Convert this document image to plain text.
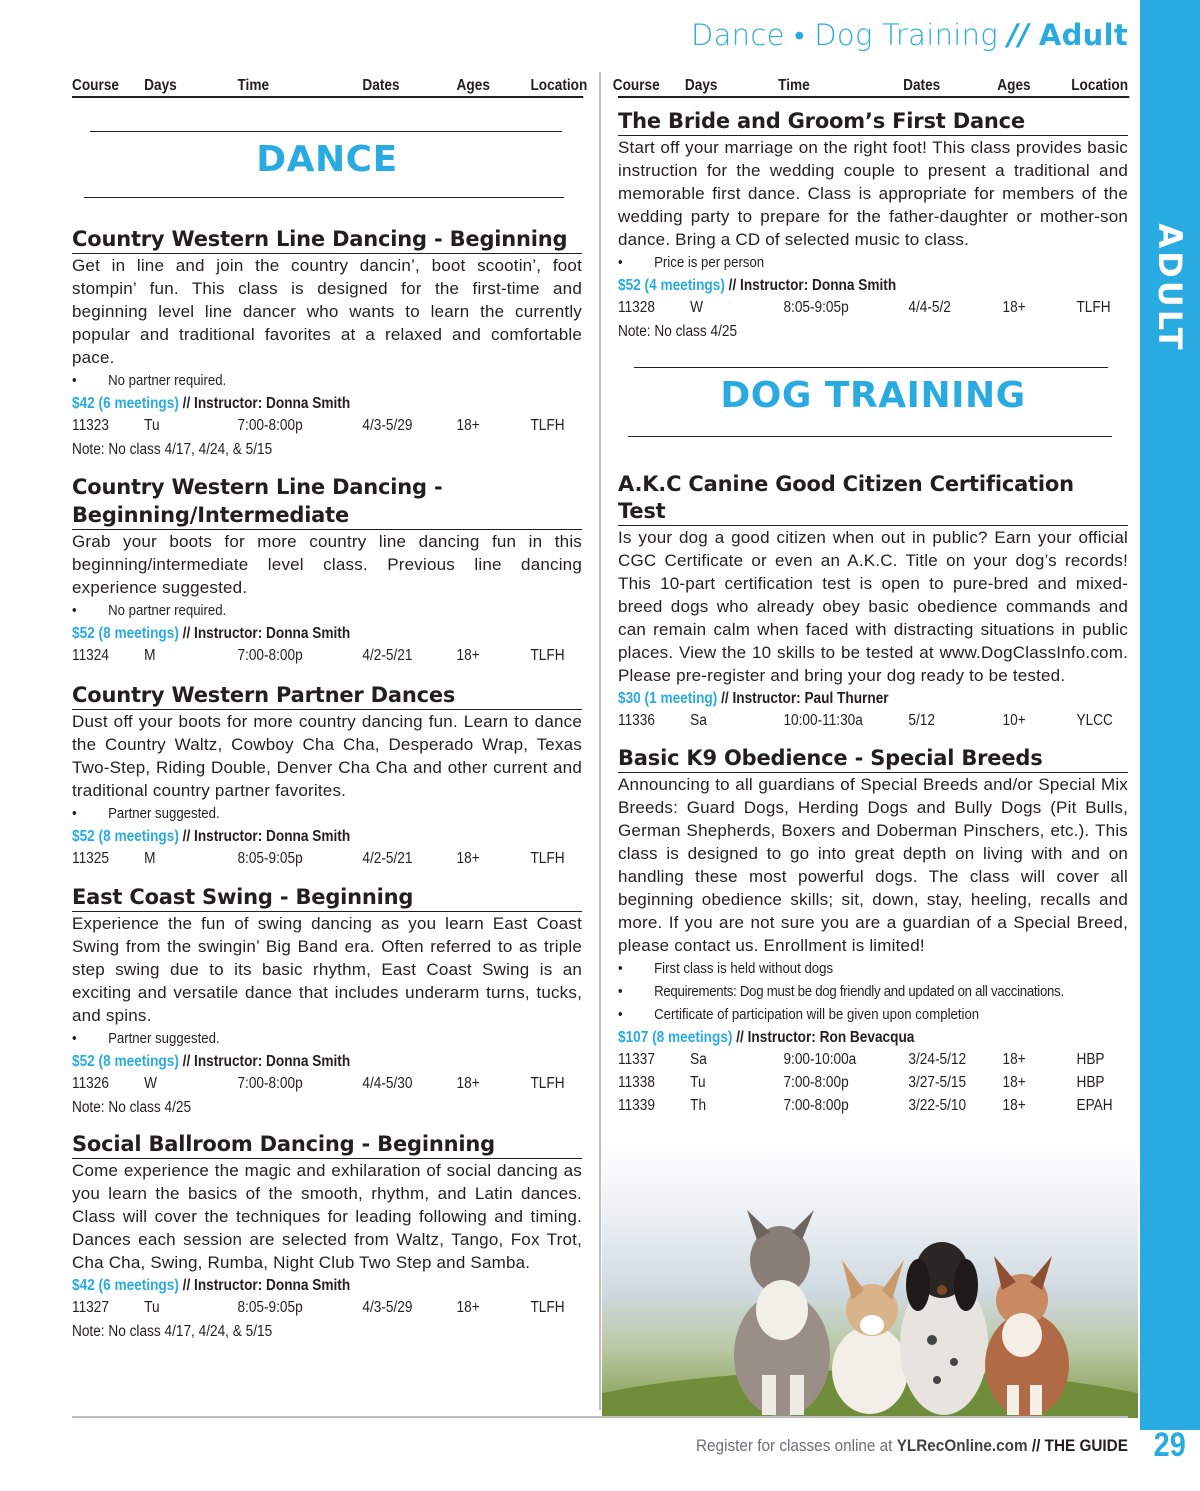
Dance • Dog Training // Adult
ADULT
Course Days	Time	Dates	Ages	Location
DANCE
Country Western Line Dancing - Beginning
Get in line and join the country dancin’, boot scootin’, foot stompin’ fun. This class is designed for the first-time and beginning level line dancer who wants to learn the currently popular and traditional favorites at a relaxed and comfortable pace.
• No partner required.
$42 (6 meetings) // Instructor: Donna Smith
11323 Tu	7:00-8:00p	4/3-5/29	18+	TLFH
Note: No class 4/17, 4/24, & 5/15
Country Western Line Dancing -
Beginning/Intermediate
Grab your boots for more country line dancing fun in this beginning/intermediate level class. Previous line dancing experience suggested.
• No partner required.
$52 (8 meetings) // Instructor: Donna Smith
11324 M	7:00-8:00p	4/2-5/21	18+	TLFH
Country Western Partner Dances
Dust off your boots for more country dancing fun. Learn to dance the Country Waltz, Cowboy Cha Cha, Desperado Wrap, Texas Two-Step, Riding Double, Denver Cha Cha and other current and traditional country partner favorites.
• Partner suggested.
$52 (8 meetings) // Instructor: Donna Smith
11325 M	8:05-9:05p	4/2-5/21	18+	TLFH
East Coast Swing - Beginning
Experience the fun of swing dancing as you learn East Coast Swing from the swingin’ Big Band era. Often referred to as triple step swing due to its basic rhythm, East Coast Swing is an exciting and versatile dance that includes underarm turns, tucks, and spins.
• Partner suggested.
$52 (8 meetings) // Instructor: Donna Smith
11326 W	7:00-8:00p	4/4-5/30	18+	TLFH
Note: No class 4/25
Social Ballroom Dancing - Beginning
Come experience the magic and exhilaration of social dancing as you learn the basics of the smooth, rhythm, and Latin dances. Class will cover the techniques for leading following and timing. Dances each session are selected from Waltz, Tango, Fox Trot, Cha Cha, Swing, Rumba, Night Club Two Step and Samba.
$42 (6 meetings) // Instructor: Donna Smith
11327 Tu	8:05-9:05p	4/3-5/29	18+	TLFH
Note: No class 4/17, 4/24, & 5/15
Course Days	Time	Dates	Ages	Location
The Bride and Groom’s First Dance
Start off your marriage on the right foot! This class provides basic instruction for the wedding couple to present a traditional and memorable first dance. Class is appropriate for members of the wedding party to prepare for the father-daughter or mother-son dance. Bring a CD of selected music to class.
• Price is per person
$52 (4 meetings) // Instructor: Donna Smith
11328 W	8:05-9:05p	4/4-5/2	18+	TLFH
Note: No class 4/25
DOG TRAINING
A.K.C Canine Good Citizen Certification Test
Is your dog a good citizen when out in public? Earn your official CGC Certificate or even an A.K.C. Title on your dog’s records! This 10-part certification test is open to pure-bred and mixed-breed dogs who already obey basic obedience commands and can remain calm when faced with distracting situations in public places. View the 10 skills to be tested at www.DogClassInfo.com. Please pre-register and bring your dog ready to be tested.
$30 (1 meeting) // Instructor: Paul Thurner
11336 Sa	10:00-11:30a	5/12	10+	YLCC
Basic K9 Obedience - Special Breeds
Announcing to all guardians of Special Breeds and/or Special Mix Breeds: Guard Dogs, Herding Dogs and Bully Dogs (Pit Bulls, German Shepherds, Boxers and Doberman Pinschers, etc.). This class is designed to go into great depth on living with and on handling these most powerful dogs. The class will cover all beginning obedience skills; sit, down, stay, heeling, recalls and more. If you are not sure you are a guardian of a Special Breed, please contact us. Enrollment is limited!
• First class is held without dogs
• Requirements: Dog must be dog friendly and updated on all vaccinations.
• Certificate of participation will be given upon completion
$107 (8 meetings) // Instructor: Ron Bevacqua
11337 Sa	9:00-10:00a	3/24-5/12 18+	HBP
11338 Tu	7:00-8:00p	3/27-5/15 18+	HBP
11339 Th	7:00-8:00p	3/22-5/10 18+	EPAH
Register for classes online at YLRecOnline.com // THE GUIDE 29
